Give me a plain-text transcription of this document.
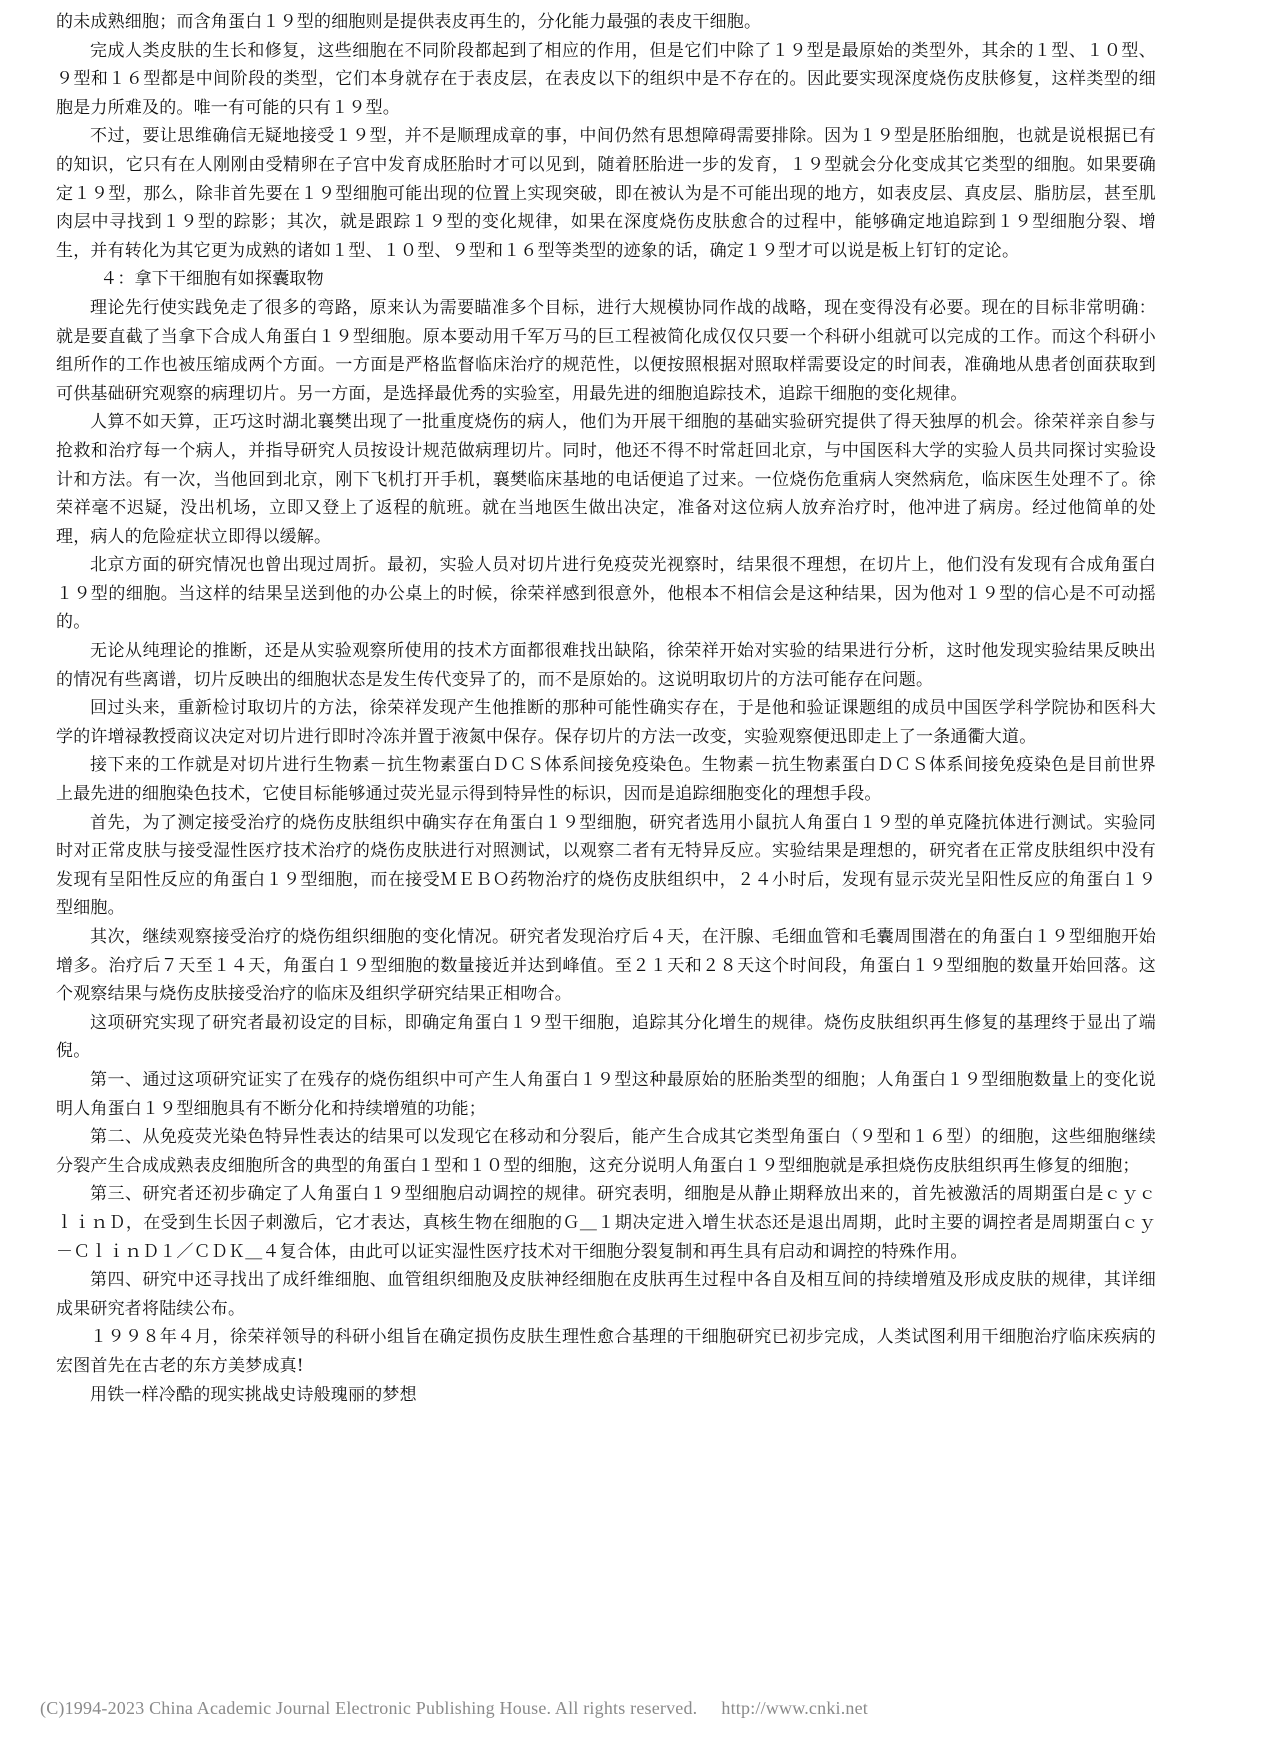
的未成熟细胞；而含角蛋白１９型的细胞则是提供表皮再生的，分化能力最强的表皮干细胞。

完成人类皮肤的生长和修复，这些细胞在不同阶段都起到了相应的作用，但是它们中除了１９型是最原始的类型外，其余的１型、１０型、９型和１６型都是中间阶段的类型，它们本身就存在于表皮层，在表皮以下的组织中是不存在的。因此要实现深度烧伤皮肤修复，这样类型的细胞是力所难及的。唯一有可能的只有１９型。

不过，要让思维确信无疑地接受１９型，并不是顺理成章的事，中间仍然有思想障碍需要排除。因为１９型是胚胎细胞，也就是说根据已有的知识，它只有在人刚刚由受精卵在子宫中发育成胚胎时才可以见到，随着胚胎进一步的发育，１９型就会分化变成其它类型的细胞。如果要确定１９型，那么，除非首先要在１９型细胞可能出现的位置上实现突破，即在被认为是不可能出现的地方，如表皮层、真皮层、脂肪层，甚至肌肉层中寻找到１９型的踪影；其次，就是跟踪１９型的变化规律，如果在深度烧伤皮肤愈合的过程中，能够确定地追踪到１９型细胞分裂、增生，并有转化为其它更为成熟的诸如１型、１０型、９型和１６型等类型的迹象的话，确定１９型才可以说是板上钉钉的定论。

４：拿下干细胞有如探囊取物

理论先行使实践免走了很多的弯路，原来认为需要瞄准多个目标，进行大规模协同作战的战略，现在变得没有必要。现在的目标非常明确：就是要直截了当拿下合成人角蛋白１９型细胞。原本要动用千军万马的巨工程被简化成仅仅只要一个科研小组就可以完成的工作。而这个科研小组所作的工作也被压缩成两个方面。一方面是严格监督临床治疗的规范性，以便按照根据对照取样需要设定的时间表，准确地从患者创面获取到可供基础研究观察的病理切片。另一方面，是选择最优秀的实验室，用最先进的细胞追踪技术，追踪干细胞的变化规律。

人算不如天算，正巧这时湖北襄樊出现了一批重度烧伤的病人，他们为开展干细胞的基础实验研究提供了得天独厚的机会。徐荣祥亲自参与抢救和治疗每一个病人，并指导研究人员按设计规范做病理切片。同时，他还不得不时常赶回北京，与中国医科大学的实验人员共同探讨实验设计和方法。有一次，当他回到北京，刚下飞机打开手机，襄樊临床基地的电话便追了过来。一位烧伤危重病人突然病危，临床医生处理不了。徐荣祥毫不迟疑，没出机场，立即又登上了返程的航班。就在当地医生做出决定，准备对这位病人放弃治疗时，他冲进了病房。经过他简单的处理，病人的危险症状立即得以缓解。

北京方面的研究情况也曾出现过周折。最初，实验人员对切片进行免疫荧光视察时，结果很不理想，在切片上，他们没有发现有合成角蛋白１９型的细胞。当这样的结果呈送到他的办公桌上的时候，徐荣祥感到很意外，他根本不相信会是这种结果，因为他对１９型的信心是不可动摇的。

无论从纯理论的推断，还是从实验观察所使用的技术方面都很难找出缺陷，徐荣祥开始对实验的结果进行分析，这时他发现实验结果反映出的情况有些离谱，切片反映出的细胞状态是发生传代变异了的，而不是原始的。这说明取切片的方法可能存在问题。

回过头来，重新检讨取切片的方法，徐荣祥发现产生他推断的那种可能性确实存在，于是他和验证课题组的成员中国医学科学院协和医科大学的许增禄教授商议决定对切片进行即时冷冻并置于液氮中保存。保存切片的方法一改变，实验观察便迅即走上了一条通衢大道。

接下来的工作就是对切片进行生物素－抗生物素蛋白ＤＣＳ体系间接免疫染色。生物素－抗生物素蛋白ＤＣＳ体系间接免疫染色是目前世界上最先进的细胞染色技术，它使目标能够通过荧光显示得到特异性的标识，因而是追踪细胞变化的理想手段。

首先，为了测定接受治疗的烧伤皮肤组织中确实存在角蛋白１９型细胞，研究者选用小鼠抗人角蛋白１９型的单克隆抗体进行测试。实验同时对正常皮肤与接受湿性医疗技术治疗的烧伤皮肤进行对照测试，以观察二者有无特异反应。实验结果是理想的，研究者在正常皮肤组织中没有发现有呈阳性反应的角蛋白１９型细胞，而在接受ＭＥＢＯ药物治疗的烧伤皮肤组织中，２４小时后，发现有显示荧光呈阳性反应的角蛋白１９型细胞。

其次，继续观察接受治疗的烧伤组织细胞的变化情况。研究者发现治疗后４天，在汗腺、毛细血管和毛囊周围潜在的角蛋白１９型细胞开始增多。治疗后７天至１４天，角蛋白１９型细胞的数量接近并达到峰值。至２１天和２８天这个时间段，角蛋白１９型细胞的数量开始回落。这个观察结果与烧伤皮肤接受治疗的临床及组织学研究结果正相吻合。

这项研究实现了研究者最初设定的目标，即确定角蛋白１９型干细胞，追踪其分化增生的规律。烧伤皮肤组织再生修复的基理终于显出了端倪。

第一、通过这项研究证实了在残存的烧伤组织中可产生人角蛋白１９型这种最原始的胚胎类型的细胞；人角蛋白１９型细胞数量上的变化说明人角蛋白１９型细胞具有不断分化和持续增殖的功能；

第二、从免疫荧光染色特异性表达的结果可以发现它在移动和分裂后，能产生合成其它类型角蛋白（９型和１６型）的细胞，这些细胞继续分裂产生合成成熟表皮细胞所含的典型的角蛋白１型和１０型的细胞，这充分说明人角蛋白１９型细胞就是承担烧伤皮肤组织再生修复的细胞；

第三、研究者还初步确定了人角蛋白１９型细胞启动调控的规律。研究表明，细胞是从静止期释放出来的，首先被激活的周期蛋白是ｃｙｃｌｉｎＤ，在受到生长因子刺激后，它才表达，真核生物在细胞的Ｇ＿１期决定进入增生状态还是退出周期，此时主要的调控者是周期蛋白ｃｙ－ＣｌｉｎＤ１／ＣＤＫ＿４复合体，由此可以证实湿性医疗技术对干细胞分裂复制和再生具有启动和调控的特殊作用。

第四、研究中还寻找出了成纤维细胞、血管组织细胞及皮肤神经细胞在皮肤再生过程中各自及相互间的持续增殖及形成皮肤的规律，其详细成果研究者将陆续公布。

１９９８年４月，徐荣祥领导的科研小组旨在确定损伤皮肤生理性愈合基理的干细胞研究已初步完成，人类试图利用干细胞治疗临床疾病的宏图首先在古老的东方美梦成真!

用铁一样冷酷的现实挑战史诗般瑰丽的梦想

(C)1994-2023 China Academic Journal Electronic Publishing House. All rights reserved. http://www.cnki.net
